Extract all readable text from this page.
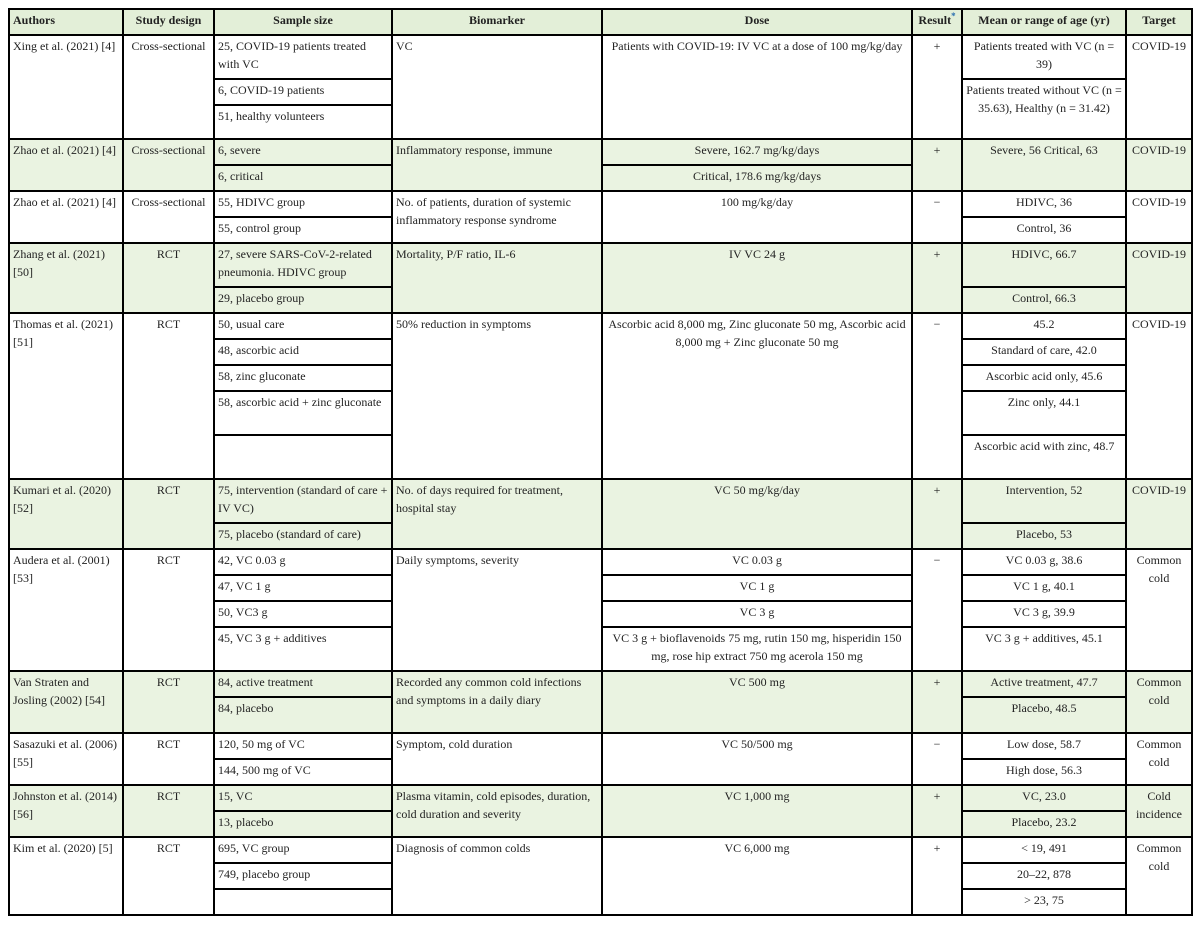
Authors	Study design	Sample size	Biomarker	Dose	Result*	Mean or range of age (yr)	Target
Xing et al. (2021) [4]	Cross-sectional	25, COVID-19 patients treated with VC	VC	Patients with COVID-19: IV VC at a dose of 100 mg/kg/day	+	Patients treated with VC (n = 39)	COVID-19
		6, COVID-19 patients				Patients treated without VC (n = 35.63), Healthy (n = 31.42)	
		51, healthy volunteers					
Zhao et al. (2021) [4]	Cross-sectional	6, severe	Inflammatory response, immune	Severe, 162.7 mg/kg/days	+	Severe, 56 Critical, 63	COVID-19
		6, critical		Critical, 178.6 mg/kg/days			
Zhao et al. (2021) [4]	Cross-sectional	55, HDIVC group	No. of patients, duration of systemic inflammatory response syndrome	100 mg/kg/day	−	HDIVC, 36	COVID-19
		55, control group				Control, 36	
Zhang et al. (2021) [50]	RCT	27, severe SARS-CoV-2-related pneumonia. HDIVC group	Mortality, P/F ratio, IL-6	IV VC 24 g	+	HDIVC, 66.7	COVID-19
		29, placebo group				Control, 66.3	
Thomas et al. (2021) [51]	RCT	50, usual care	50% reduction in symptoms	Ascorbic acid 8,000 mg, Zinc gluconate 50 mg, Ascorbic acid 8,000 mg + Zinc gluconate 50 mg	−	45.2	COVID-19
		48, ascorbic acid				Standard of care, 42.0	
		58, zinc gluconate				Ascorbic acid only, 45.6	
		58, ascorbic acid + zinc gluconate				Zinc only, 44.1	
						Ascorbic acid with zinc, 48.7	
Kumari et al. (2020) [52]	RCT	75, intervention (standard of care + IV VC)	No. of days required for treatment, hospital stay	VC 50 mg/kg/day	+	Intervention, 52	COVID-19
		75, placebo (standard of care)				Placebo, 53	
Audera et al. (2001) [53]	RCT	42, VC 0.03 g	Daily symptoms, severity	VC 0.03 g	−	VC 0.03 g, 38.6	Common cold
		47, VC 1 g		VC 1 g		VC 1 g, 40.1	
		50, VC3 g		VC 3 g		VC 3 g, 39.9	
		45, VC 3 g + additives		VC 3 g + bioflavenoids 75 mg, rutin 150 mg, hisperidin 150 mg, rose hip extract 750 mg acerola 150 mg		VC 3 g + additives, 45.1	
Van Straten and Josling (2002) [54]	RCT	84, active treatment	Recorded any common cold infections and symptoms in a daily diary	VC 500 mg	+	Active treatment, 47.7	Common cold
		84, placebo				Placebo, 48.5	
Sasazuki et al. (2006) [55]	RCT	120, 50 mg of VC	Symptom, cold duration	VC 50/500 mg	−	Low dose, 58.7	Common cold
		144, 500 mg of VC				High dose, 56.3	
Johnston et al. (2014) [56]	RCT	15, VC	Plasma vitamin, cold episodes, duration, cold duration and severity	VC 1,000 mg	+	VC, 23.0	Cold incidence
		13, placebo				Placebo, 23.2	
Kim et al. (2020) [5]	RCT	695, VC group	Diagnosis of common colds	VC 6,000 mg	+	< 19, 491	Common cold
		749, placebo group				20–22, 878	
						> 23, 75	
